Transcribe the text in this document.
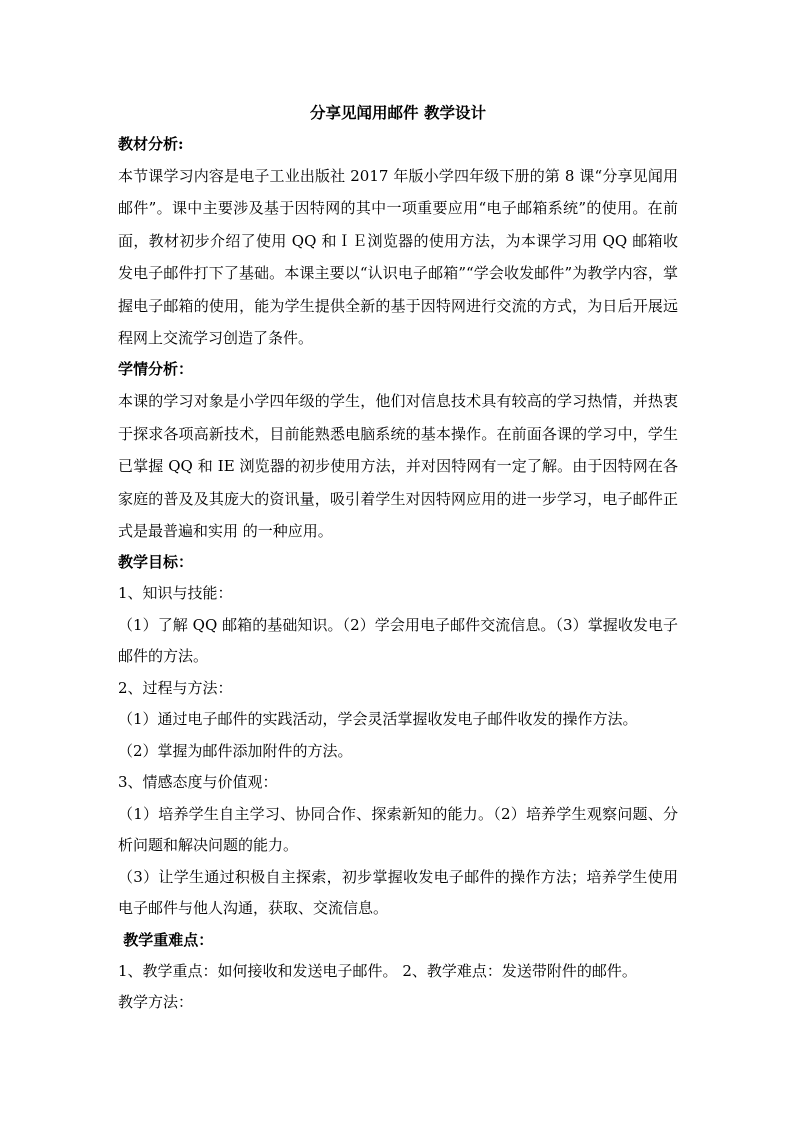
分享见闻用邮件 教学设计

教材分析:

本节课学习内容是电子工业出版社 2017 年版小学四年级下册的第 8 课“分享见闻用邮件”。课中主要涉及基于因特网的其中一项重要应用“电子邮箱系统”的使用。在前面，教材初步介绍了使用 QQ 和ＩＥ浏览器的使用方法，为本课学习用 QQ 邮箱收发电子邮件打下了基础。本课主要以“认识电子邮箱”“学会收发邮件”为教学内容，掌握电子邮箱的使用，能为学生提供全新的基于因特网进行交流的方式，为日后开展远程网上交流学习创造了条件。

学情分析：

本课的学习对象是小学四年级的学生，他们对信息技术具有较高的学习热情，并热衷于探求各项高新技术，目前能熟悉电脑系统的基本操作。在前面各课的学习中，学生已掌握 QQ 和 IE 浏览器的初步使用方法，并对因特网有一定了解。由于因特网在各家庭的普及及其庞大的资讯量，吸引着学生对因特网应用的进一步学习，电子邮件正式是最普遍和实用 的一种应用。

教学目标：

1、知识与技能：

（1）了解 QQ 邮箱的基础知识。（2）学会用电子邮件交流信息。（3）掌握收发电子邮件的方法。

2、过程与方法：

（1）通过电子邮件的实践活动，学会灵活掌握收发电子邮件收发的操作方法。

（2）掌握为邮件添加附件的方法。

3、情感态度与价值观：

（1）培养学生自主学习、协同合作、探索新知的能力。（2）培养学生观察问题、分析问题和解决问题的能力。

（3）让学生通过积极自主探索，初步掌握收发电子邮件的操作方法；培养学生使用电子邮件与他人沟通，获取、交流信息。

教学重难点：

1、教学重点：如何接收和发送电子邮件。 2、教学难点：发送带附件的邮件。

教学方法：
